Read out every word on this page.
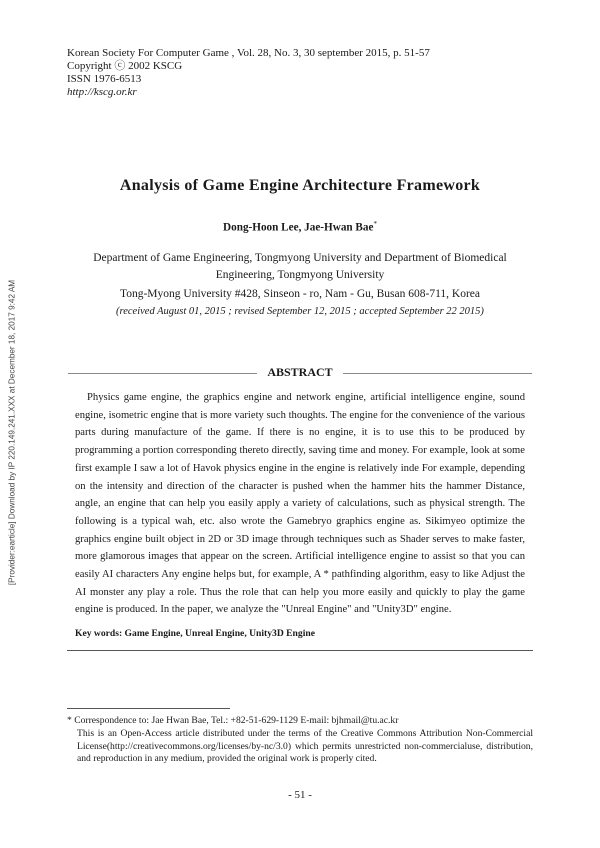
Korean Society For Computer Game , Vol. 28, No. 3, 30 september 2015, p. 51-57
Copyright ⓒ 2002 KSCG
ISSN 1976-6513
http://kscg.or.kr
[Provider:earticle] Download by IP 220.149.241.XXX at December 18, 2017 9:42 AM
Analysis of Game Engine Architecture Framework
Dong-Hoon Lee, Jae-Hwan Bae*
Department of Game Engineering, Tongmyong University and Department of Biomedical
Engineering, Tongmyong University
Tong-Myong University #428, Sinseon - ro, Nam - Gu, Busan 608-711, Korea
(received August 01, 2015 ; revised September 12, 2015 ; accepted September 22 2015)
ABSTRACT

Physics game engine, the graphics engine and network engine, artificial intelligence engine, sound engine, isometric engine that is more variety such thoughts. The engine for the convenience of the various parts during manufacture of the game. If there is no engine, it is to use this to be produced by programming a portion corresponding thereto directly, saving time and money. For example, look at some first example I saw a lot of Havok physics engine in the engine is relatively inde For example, depending on the intensity and direction of the character is pushed when the hammer hits the hammer Distance, angle, an engine that can help you easily apply a variety of calculations, such as physical strength. The following is a typical wah, etc. also wrote the Gamebryo graphics engine as. Sikimyeo optimize the graphics engine built object in 2D or 3D image through techniques such as Shader serves to make faster, more glamorous images that appear on the screen. Artificial intelligence engine to assist so that you can easily AI characters Any engine helps but, for example, A * pathfinding algorithm, easy to like Adjust the AI monster any play a role. Thus the role that can help you more easily and quickly to play the game engine is produced. In the paper, we analyze the "Unreal Engine" and "Unity3D" engine.

Key words: Game Engine, Unreal Engine, Unity3D Engine
* Correspondence to: Jae Hwan Bae, Tel.: +82-51-629-1129 E-mail: bjhmail@tu.ac.kr
This is an Open-Access article distributed under the terms of the Creative Commons Attribution Non-Commercial License(http://creativecommons.org/licenses/by-nc/3.0) which permits unrestricted non-commercialuse, distribution, and reproduction in any medium, provided the original work is properly cited.
- 51 -
